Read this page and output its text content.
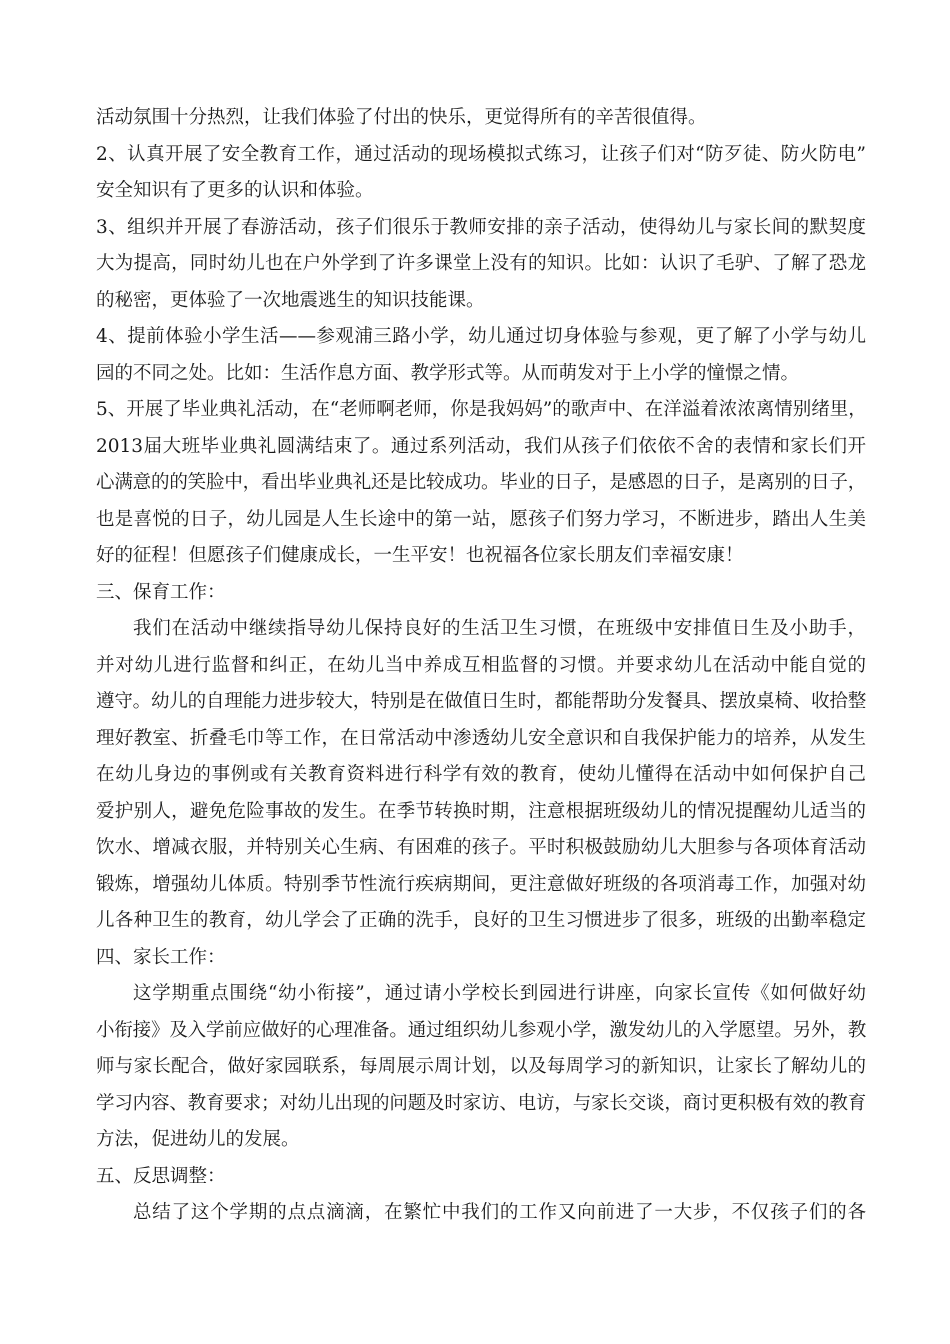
活动氛围十分热烈，让我们体验了付出的快乐，更觉得所有的辛苦很值得。
2、认真开展了安全教育工作，通过活动的现场模拟式练习，让孩子们对“防歹徒、防火防电”
安全知识有了更多的认识和体验。
3、组织并开展了春游活动，孩子们很乐于教师安排的亲子活动，使得幼儿与家长间的默契度
大为提高，同时幼儿也在户外学到了许多课堂上没有的知识。比如：认识了毛驴、了解了恐龙
的秘密，更体验了一次地震逃生的知识技能课。
4、提前体验小学生活——参观浦三路小学，幼儿通过切身体验与参观，更了解了小学与幼儿
园的不同之处。比如：生活作息方面、教学形式等。从而萌发对于上小学的憧憬之情。
5、开展了毕业典礼活动，在“老师啊老师，你是我妈妈”的歌声中、在洋溢着浓浓离情别绪里，
2013届大班毕业典礼圆满结束了。通过系列活动，我们从孩子们依依不舍的表情和家长们开
心满意的的笑脸中，看出毕业典礼还是比较成功。毕业的日子，是感恩的日子，是离别的日子，
也是喜悦的日子，幼儿园是人生长途中的第一站，愿孩子们努力学习，不断进步，踏出人生美
好的征程！但愿孩子们健康成长，一生平安！也祝福各位家长朋友们幸福安康！
三、保育工作：
我们在活动中继续指导幼儿保持良好的生活卫生习惯，在班级中安排值日生及小助手，
并对幼儿进行监督和纠正，在幼儿当中养成互相监督的习惯。并要求幼儿在活动中能自觉的
遵守。幼儿的自理能力进步较大，特别是在做值日生时，都能帮助分发餐具、摆放桌椅、收拾整
理好教室、折叠毛巾等工作，在日常活动中渗透幼儿安全意识和自我保护能力的培养，从发生
在幼儿身边的事例或有关教育资料进行科学有效的教育，使幼儿懂得在活动中如何保护自己
爱护别人，避免危险事故的发生。在季节转换时期，注意根据班级幼儿的情况提醒幼儿适当的
饮水、增减衣服，并特别关心生病、有困难的孩子。平时积极鼓励幼儿大胆参与各项体育活动
锻炼，增强幼儿体质。特别季节性流行疾病期间，更注意做好班级的各项消毒工作，加强对幼
儿各种卫生的教育，幼儿学会了正确的洗手，良好的卫生习惯进步了很多，班级的出勤率稳定
四、家长工作：
这学期重点围绕“幼小衔接”，通过请小学校长到园进行讲座，向家长宣传《如何做好幼
小衔接》及入学前应做好的心理准备。通过组织幼儿参观小学，激发幼儿的入学愿望。另外，教
师与家长配合，做好家园联系，每周展示周计划，以及每周学习的新知识，让家长了解幼儿的
学习内容、教育要求；对幼儿出现的问题及时家访、电访，与家长交谈，商讨更积极有效的教育
方法，促进幼儿的发展。
五、反思调整：
总结了这个学期的点点滴滴，在繁忙中我们的工作又向前进了一大步，不仅孩子们的各
